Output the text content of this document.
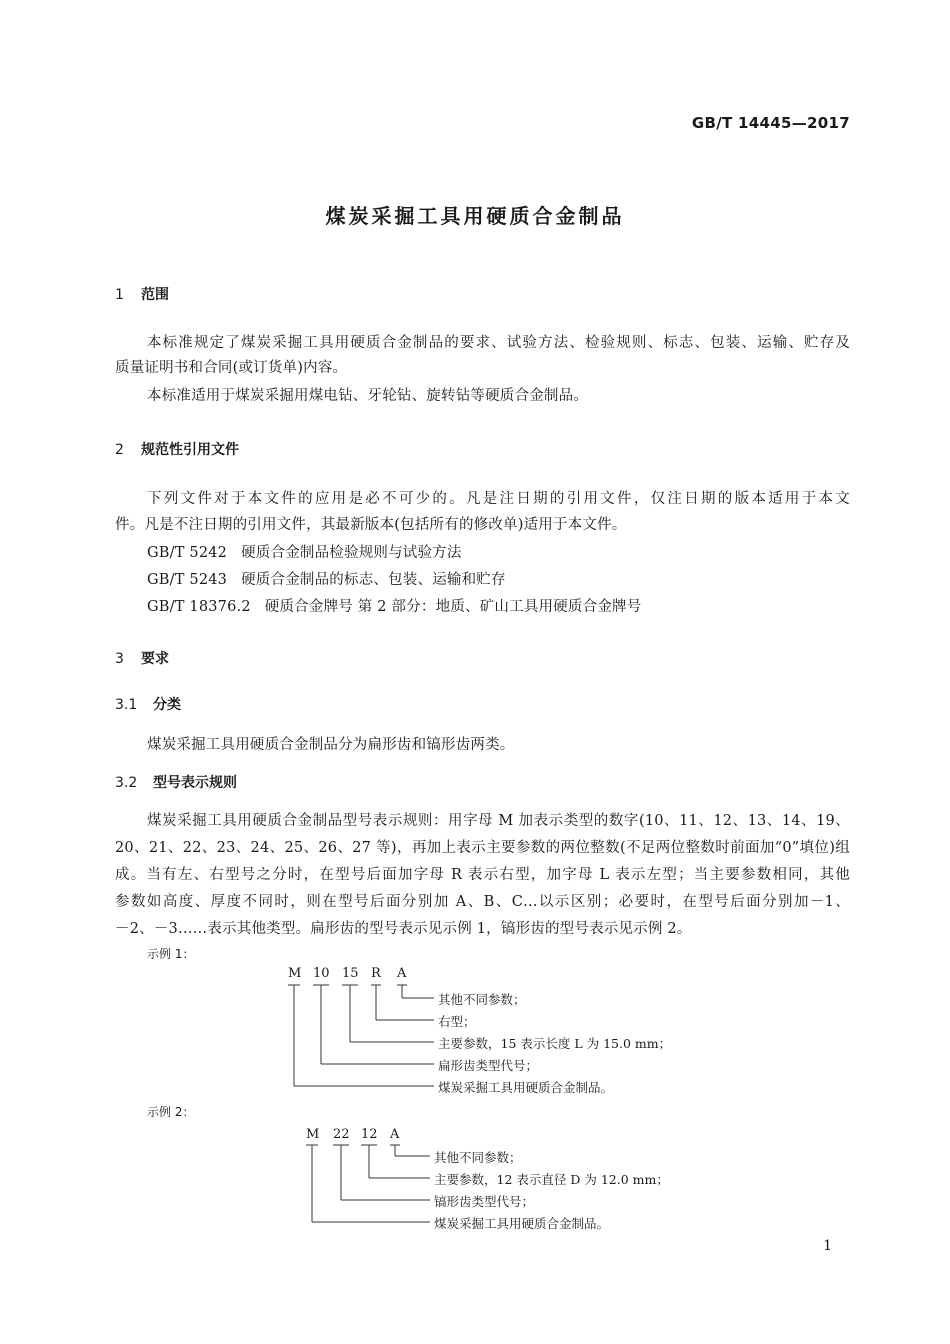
GB/T 14445—2017
煤炭采掘工具用硬质合金制品
1 范围
本标准规定了煤炭采掘工具用硬质合金制品的要求、试验方法、检验规则、标志、包装、运输、贮存及
质量证明书和合同(或订货单)内容。
本标准适用于煤炭采掘用煤电钻、牙轮钻、旋转钻等硬质合金制品。
2 规范性引用文件
下列文件对于本文件的应用是必不可少的。凡是注日期的引用文件，仅注日期的版本适用于本文
件。凡是不注日期的引用文件，其最新版本(包括所有的修改单)适用于本文件。
GB/T 5242 硬质合金制品检验规则与试验方法
GB/T 5243 硬质合金制品的标志、包装、运输和贮存
GB/T 18376.2 硬质合金牌号 第 2 部分：地质、矿山工具用硬质合金牌号
3 要求
3.1 分类
煤炭采掘工具用硬质合金制品分为扁形齿和镐形齿两类。
3.2 型号表示规则
煤炭采掘工具用硬质合金制品型号表示规则：用字母 M 加表示类型的数字(10、11、12、13、14、19、
20、21、22、23、24、25、26、27 等)，再加上表示主要参数的两位整数(不足两位整数时前面加“0”填位)组
成。当有左、右型号之分时，在型号后面加字母 R 表示右型，加字母 L 表示左型；当主要参数相同，其他
参数如高度、厚度不同时，则在型号后面分别加 A、B、C…以示区别；必要时，在型号后面分别加－1、
－2、－3……表示其他类型。扁形齿的型号表示见示例 1，镐形齿的型号表示见示例 2。
示例 1：
M 10 15 R A
其他不同参数；
右型；
主要参数，15 表示长度 L 为 15.0 mm；
扁形齿类型代号；
煤炭采掘工具用硬质合金制品。
示例 2：
M 22 12 A
其他不同参数；
主要参数，12 表示直径 D 为 12.0 mm；
镐形齿类型代号；
煤炭采掘工具用硬质合金制品。
1
